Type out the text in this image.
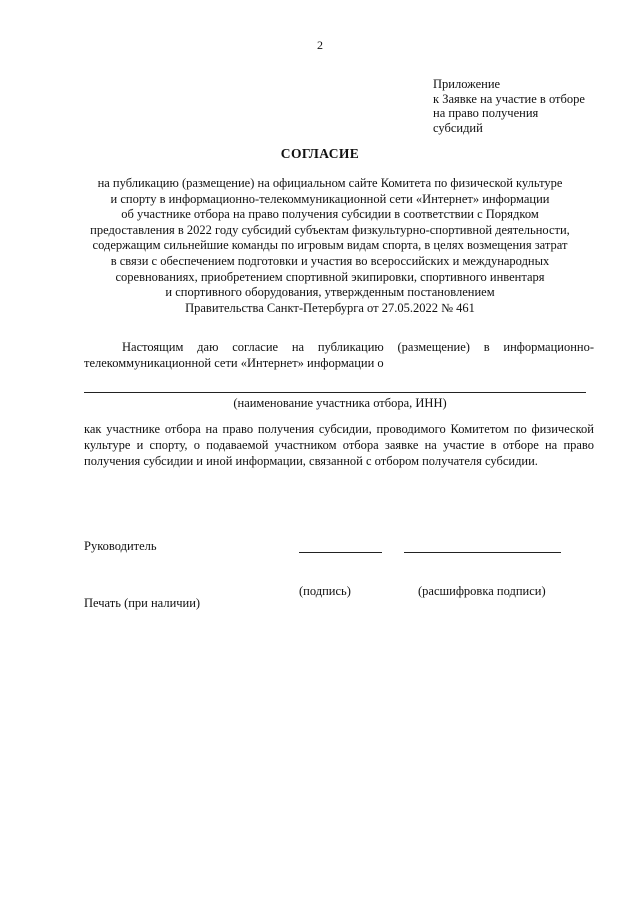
2
Приложение
к Заявке на участие в отборе
на право получения
субсидий
СОГЛАСИЕ
на публикацию (размещение) на официальном сайте Комитета по физической культуре
и спорту в информационно-телекоммуникационной сети «Интернет» информации
об участнике отбора на право получения субсидии в соответствии с Порядком
предоставления в 2022 году субсидий субъектам физкультурно-спортивной деятельности,
содержащим сильнейшие команды по игровым видам спорта, в целях возмещения затрат
в связи с обеспечением подготовки и участия во всероссийских и международных
соревнованиях, приобретением спортивной экипировки, спортивного инвентаря
и спортивного оборудования, утвержденным постановлением
Правительства Санкт-Петербурга от 27.05.2022 № 461
Настоящим даю согласие на публикацию (размещение) в информационно-телекоммуникационной сети «Интернет» информации о
(наименование участника отбора, ИНН)
как участнике отбора на право получения субсидии, проводимого Комитетом по физической культуре и спорту, о подаваемой участником отбора заявке на участие в отборе на право получения субсидии и иной информации, связанной с отбором получателя субсидии.
Руководитель
(подпись)	(расшифровка подписи)
Печать (при наличии)
